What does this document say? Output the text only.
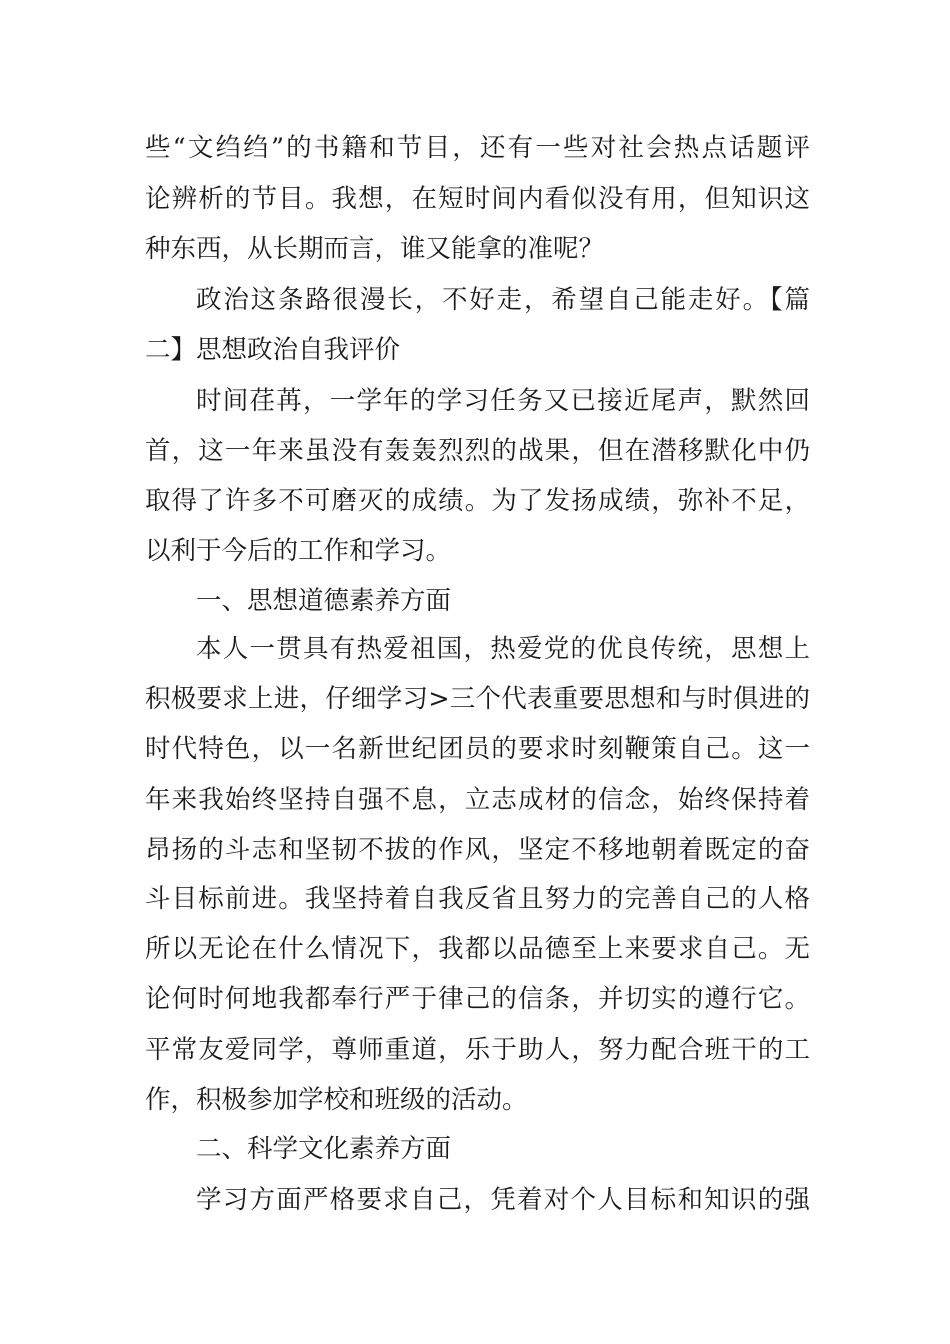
些“文绉绉”的书籍和节目，还有一些对社会热点话题评
论辨析的节目。我想，在短时间内看似没有用，但知识这
种东西，从长期而言，谁又能拿的准呢？
政治这条路很漫长，不好走，希望自己能走好。【篇
二】思想政治自我评价
时间荏苒，一学年的学习任务又已接近尾声，默然回
首，这一年来虽没有轰轰烈烈的战果，但在潜移默化中仍
取得了许多不可磨灭的成绩。为了发扬成绩，弥补不足，
以利于今后的工作和学习。
一、思想道德素养方面
本人一贯具有热爱祖国，热爱党的优良传统，思想上
积极要求上进，仔细学习>三个代表重要思想和与时俱进的
时代特色，以一名新世纪团员的要求时刻鞭策自己。这一
年来我始终坚持自强不息，立志成材的信念，始终保持着
昂扬的斗志和坚韧不拔的作风，坚定不移地朝着既定的奋
斗目标前进。我坚持着自我反省且努力的完善自己的人格
所以无论在什么情况下，我都以品德至上来要求自己。无
论何时何地我都奉行严于律己的信条，并切实的遵行它。
平常友爱同学，尊师重道，乐于助人，努力配合班干的工
作，积极参加学校和班级的活动。
二、科学文化素养方面
学习方面严格要求自己，凭着对个人目标和知识的强
